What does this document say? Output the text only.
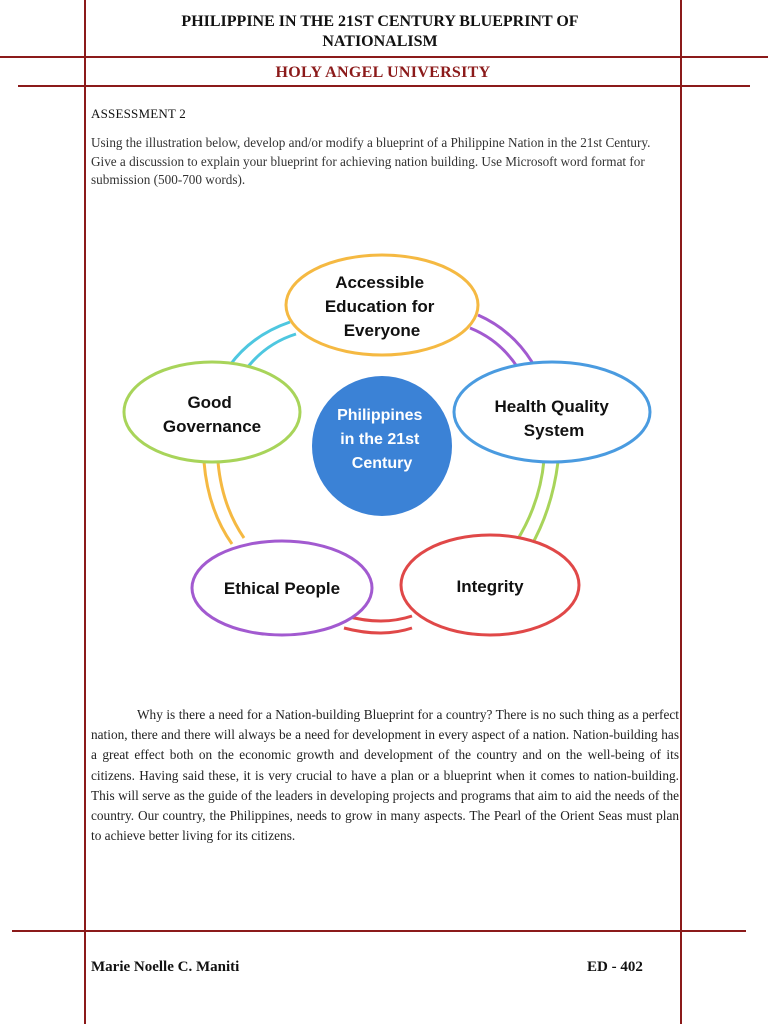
PHILIPPINE IN THE 21ST CENTURY BLUEPRINT OF
NATIONALISM
HOLY ANGEL UNIVERSITY
ASSESSMENT 2
Using the illustration below, develop and/or modify a blueprint of a Philippine Nation in the 21st Century. Give a discussion to explain your blueprint for achieving nation building. Use Microsoft word format for submission (500-700 words).
Philippines in the 21st Century
Accessible Education for Everyone
Health Quality System
Integrity
Ethical People
Good Governance

Why is there a need for a Nation-building Blueprint for a country? There is no such thing as a perfect nation, there and there will always be a need for development in every aspect of a nation. Nation-building has a great effect both on the economic growth and development of the country and on the well-being of its citizens. Having said these, it is very crucial to have a plan or a blueprint when it comes to nation-building. This will serve as the guide of the leaders in developing projects and programs that aim to aid the needs of the country. Our country, the Philippines, needs to grow in many aspects. The Pearl of the Orient Seas must plan to achieve better living for its citizens.

Marie Noelle C. Maniti	ED - 402
